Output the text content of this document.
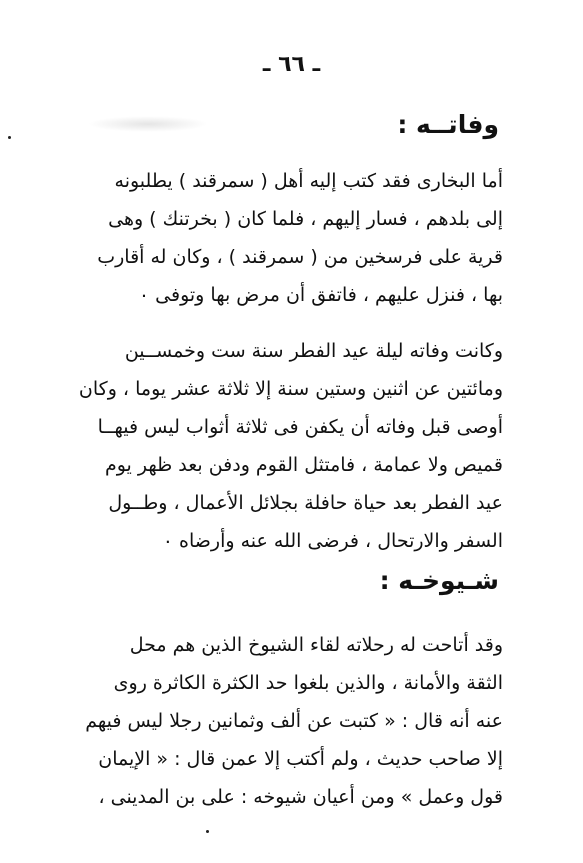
ـ ٦٦ ـ
وفاتــه :
أما البخارى فقد كتب إليه أهل ( سمرقند ) يطلبونه
إلى بلدهم ، فسار إليهم ، فلما كان ( بخرتنك ) وهى
قرية على فرسخين من ( سمرقند ) ، وكان له أقارب
بها ، فنزل عليهم ، فاتفق أن مرض بها وتوفى ٠
وكانت وفاته ليلة عيد الفطر سنة ست وخمســين
ومائتين عن اثنين وستين سنة إلا ثلاثة عشر يوما ، وكان
أوصى قبل وفاته أن يكفن فى ثلاثة أثواب ليس فيهــا
قميص ولا عمامة ، فامتثل القوم ودفن بعد ظهر يوم
عيد الفطر بعد حياة حافلة بجلائل الأعمال ، وطــول
السفر والارتحال ، فرضى الله عنه وأرضاه ٠
شـيوخـه :
وقد أتاحت له رحلاته لقاء الشيوخ الذين هم محل
الثقة والأمانة ، والذين بلغوا حد الكثرة الكاثرة روى
عنه أنه قال : « كتبت عن ألف وثمانين رجلا ليس فيهم
إلا صاحب حديث ، ولم أكتب إلا عمن قال : « الإيمان
قول وعمل » ومن أعيان شيوخه : على بن المدينى ،
